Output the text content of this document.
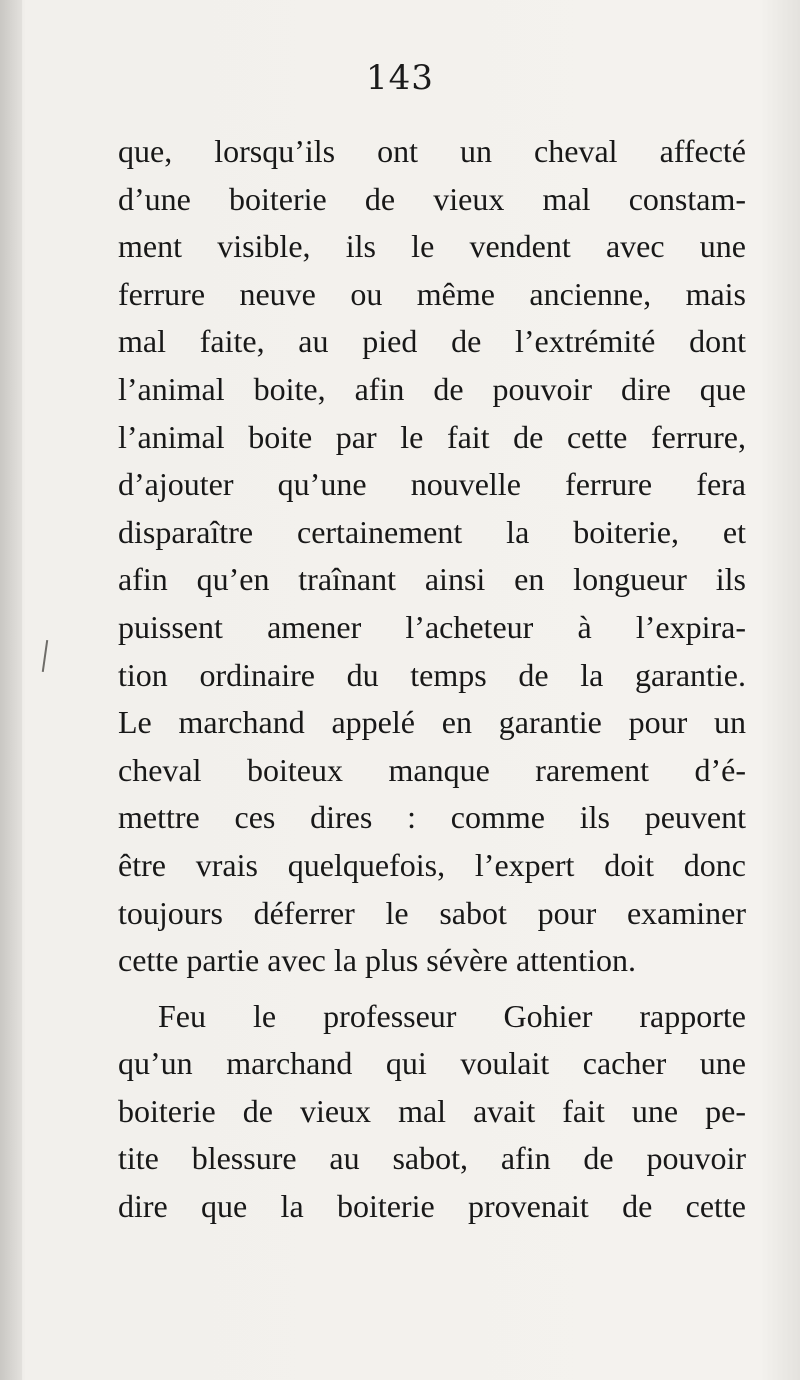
143
que, lorsqu’ils ont un cheval affecté
d’une boiterie de vieux mal constam-
ment visible, ils le vendent avec une
ferrure neuve ou même ancienne, mais
mal faite, au pied de l’extrémité dont
l’animal boite, afin de pouvoir dire que
l’animal boite par le fait de cette ferrure,
d’ajouter qu’une nouvelle ferrure fera
disparaître certainement la boiterie, et
afin qu’en traînant ainsi en longueur ils
puissent amener l’acheteur à l’expira-
tion ordinaire du temps de la garantie.
Le marchand appelé en garantie pour un
cheval boiteux manque rarement d’é-
mettre ces dires : comme ils peuvent
être vrais quelquefois, l’expert doit donc
toujours déferrer le sabot pour examiner
cette partie avec la plus sévère attention.
Feu le professeur Gohier rapporte
qu’un marchand qui voulait cacher une
boiterie de vieux mal avait fait une pe-
tite blessure au sabot, afin de pouvoir
dire que la boiterie provenait de cette
